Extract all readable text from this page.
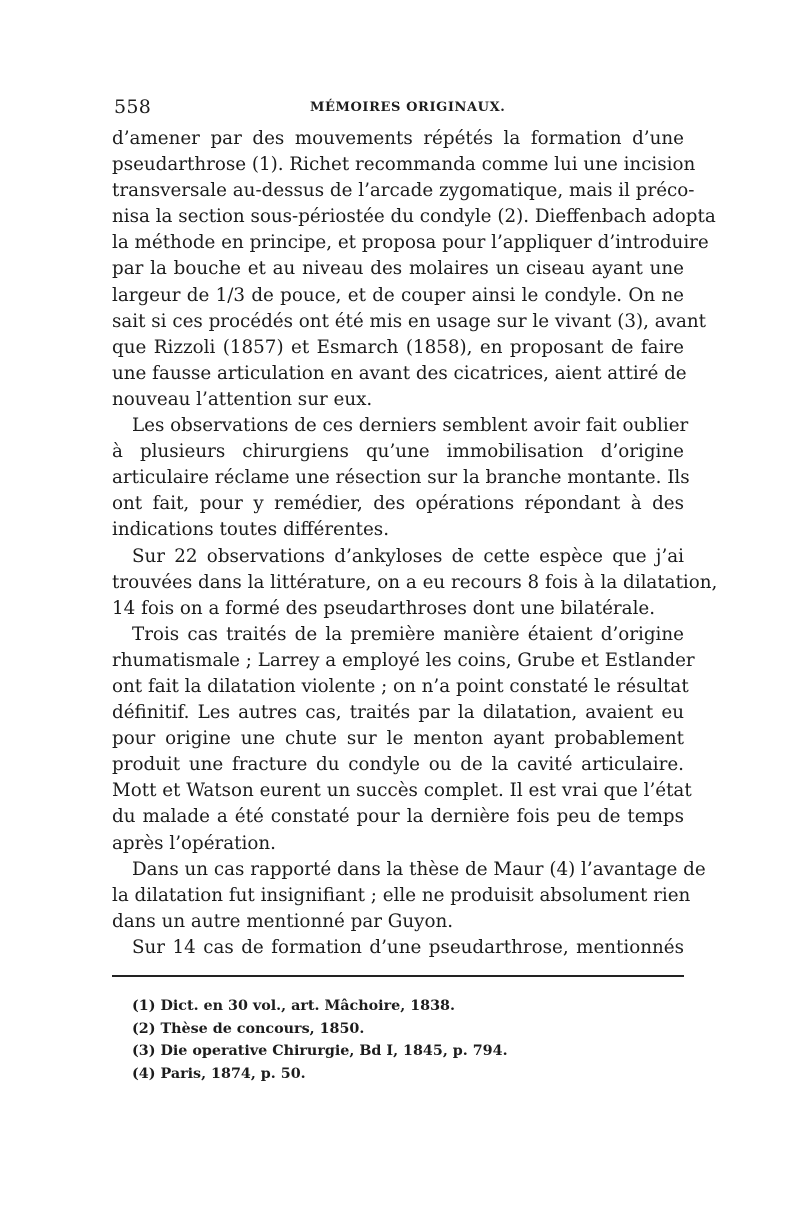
558	MÉMOIRES ORIGINAUX.
d’amener par des mouvements répétés la formation d’une
pseudarthrose (1). Richet recommanda comme lui une incision
transversale au-dessus de l’arcade zygomatique, mais il préco-
nisa la section sous-périostée du condyle (2). Dieffenbach adopta
la méthode en principe, et proposa pour l’appliquer d’introduire
par la bouche et au niveau des molaires un ciseau ayant une
largeur de 1/3 de pouce, et de couper ainsi le condyle. On ne
sait si ces procédés ont été mis en usage sur le vivant (3), avant
que Rizzoli (1857) et Esmarch (1858), en proposant de faire
une fausse articulation en avant des cicatrices, aient attiré de
nouveau l’attention sur eux.
Les observations de ces derniers semblent avoir fait oublier
à plusieurs chirurgiens qu’une immobilisation d’origine
articulaire réclame une résection sur la branche montante. Ils
ont fait, pour y remédier, des opérations répondant à des
indications toutes différentes.
Sur 22 observations d’ankyloses de cette espèce que j’ai
trouvées dans la littérature, on a eu recours 8 fois à la dilatation,
14 fois on a formé des pseudarthroses dont une bilatérale.
Trois cas traités de la première manière étaient d’origine
rhumatismale ; Larrey a employé les coins, Grube et Estlander
ont fait la dilatation violente ; on n’a point constaté le résultat
définitif. Les autres cas, traités par la dilatation, avaient eu
pour origine une chute sur le menton ayant probablement
produit une fracture du condyle ou de la cavité articulaire.
Mott et Watson eurent un succès complet. Il est vrai que l’état
du malade a été constaté pour la dernière fois peu de temps
après l’opération.
Dans un cas rapporté dans la thèse de Maur (4) l’avantage de
la dilatation fut insignifiant ; elle ne produisit absolument rien
dans un autre mentionné par Guyon.
Sur 14 cas de formation d’une pseudarthrose, mentionnés
(1) Dict. en 30 vol., art. Mâchoire, 1838.
(2) Thèse de concours, 1850.
(3) Die operative Chirurgie, Bd I, 1845, p. 794.
(4) Paris, 1874, p. 50.
